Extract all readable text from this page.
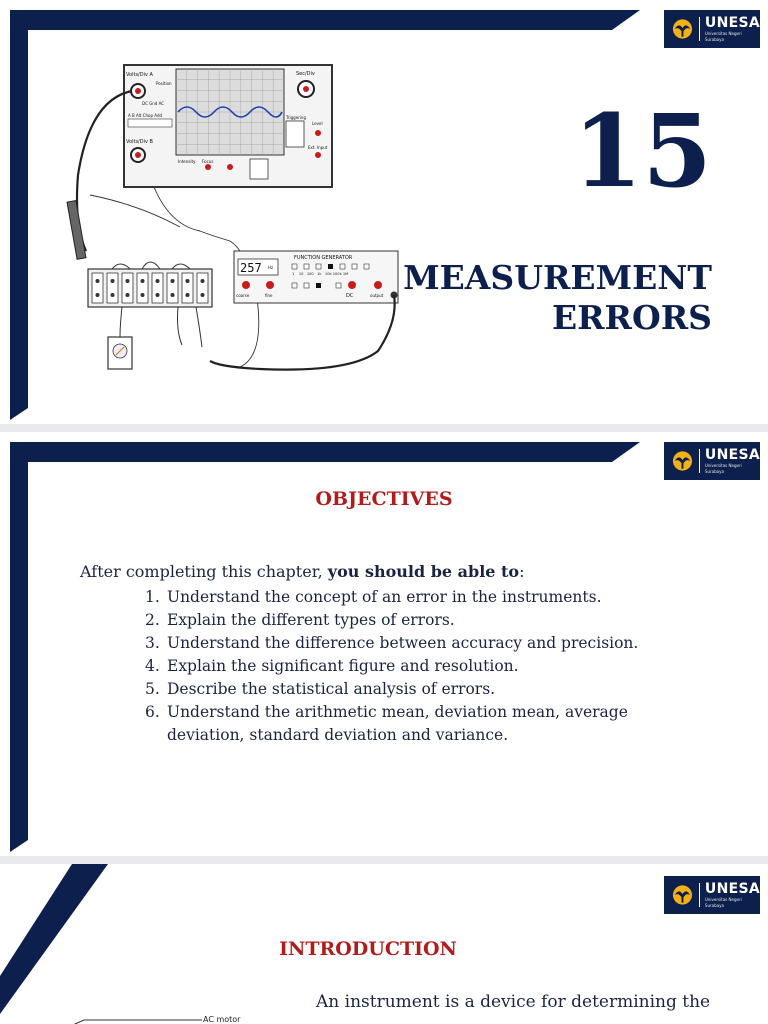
UNESA
Universitas Negeri Surabaya
Volts/Div A
Volts/Div B
Sec/Div
Position
DC Gnd AC
A B Alt Chop Add
Intensity Focus
Triggering
Level
Ext. Input
257 Hz
FUNCTION GENERATOR
1    10   100   1k   10k 100k 1M
coarse	fine	DC	output
15
MEASUREMENT
ERRORS
UNESA
Universitas Negeri Surabaya
OBJECTIVES

After completing this chapter, you should be able to:

1. Understand the concept of an error in the instruments.
2. Explain the different types of errors.
3. Understand the difference between accuracy and precision.
4. Explain the significant figure and resolution.
5. Describe the statistical analysis of errors.
6. Understand the arithmetic mean, deviation mean, average deviation, standard deviation and variance.
UNESA
Universitas Negeri Surabaya
INTRODUCTION
AC motor
An instrument is a device for determining the
